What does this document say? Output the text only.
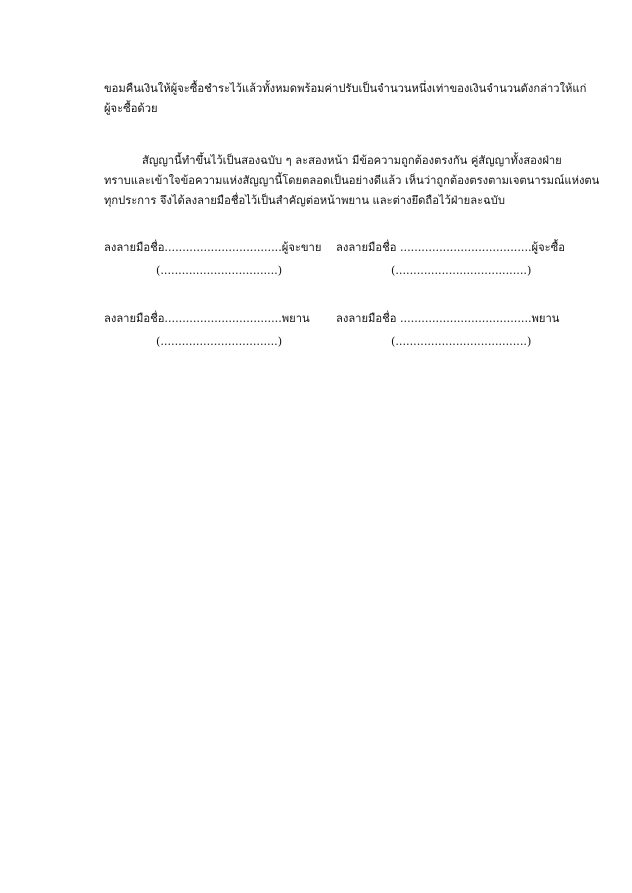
ขอมคืนเงินให้ผู้จะซื้อชำระไว้แล้วทั้งหมดพร้อมค่าปรับเป็นจำนวนหนึ่งเท่าของเงินจำนวนดังกล่าวให้แก่
ผู้จะซื้อด้วย
สัญญานี้ทำขึ้นไว้เป็นสองฉบับ ๆ ละสองหน้า มีข้อความถูกต้องตรงกัน คู่สัญญาทั้งสองฝ่าย
ทราบและเข้าใจข้อความแห่งสัญญานี้โดยตลอดเป็นอย่างดีแล้ว เห็นว่าถูกต้องตรงตามเจตนารมณ์แห่งตน
ทุกประการ จึงได้ลงลายมือชื่อไว้เป็นสำคัญต่อหน้าพยาน และต่างยึดถือไว้ฝ่ายละฉบับ
ลงลายมือชื่อ.................................ผู้จะขาย ลงลายมือชื่อ .....................................ผู้จะซื้อ
(.................................)	(.....................................)
ลงลายมือชื่อ.................................พยาน ลงลายมือชื่อ .....................................พยาน
(.................................)	(.....................................)
